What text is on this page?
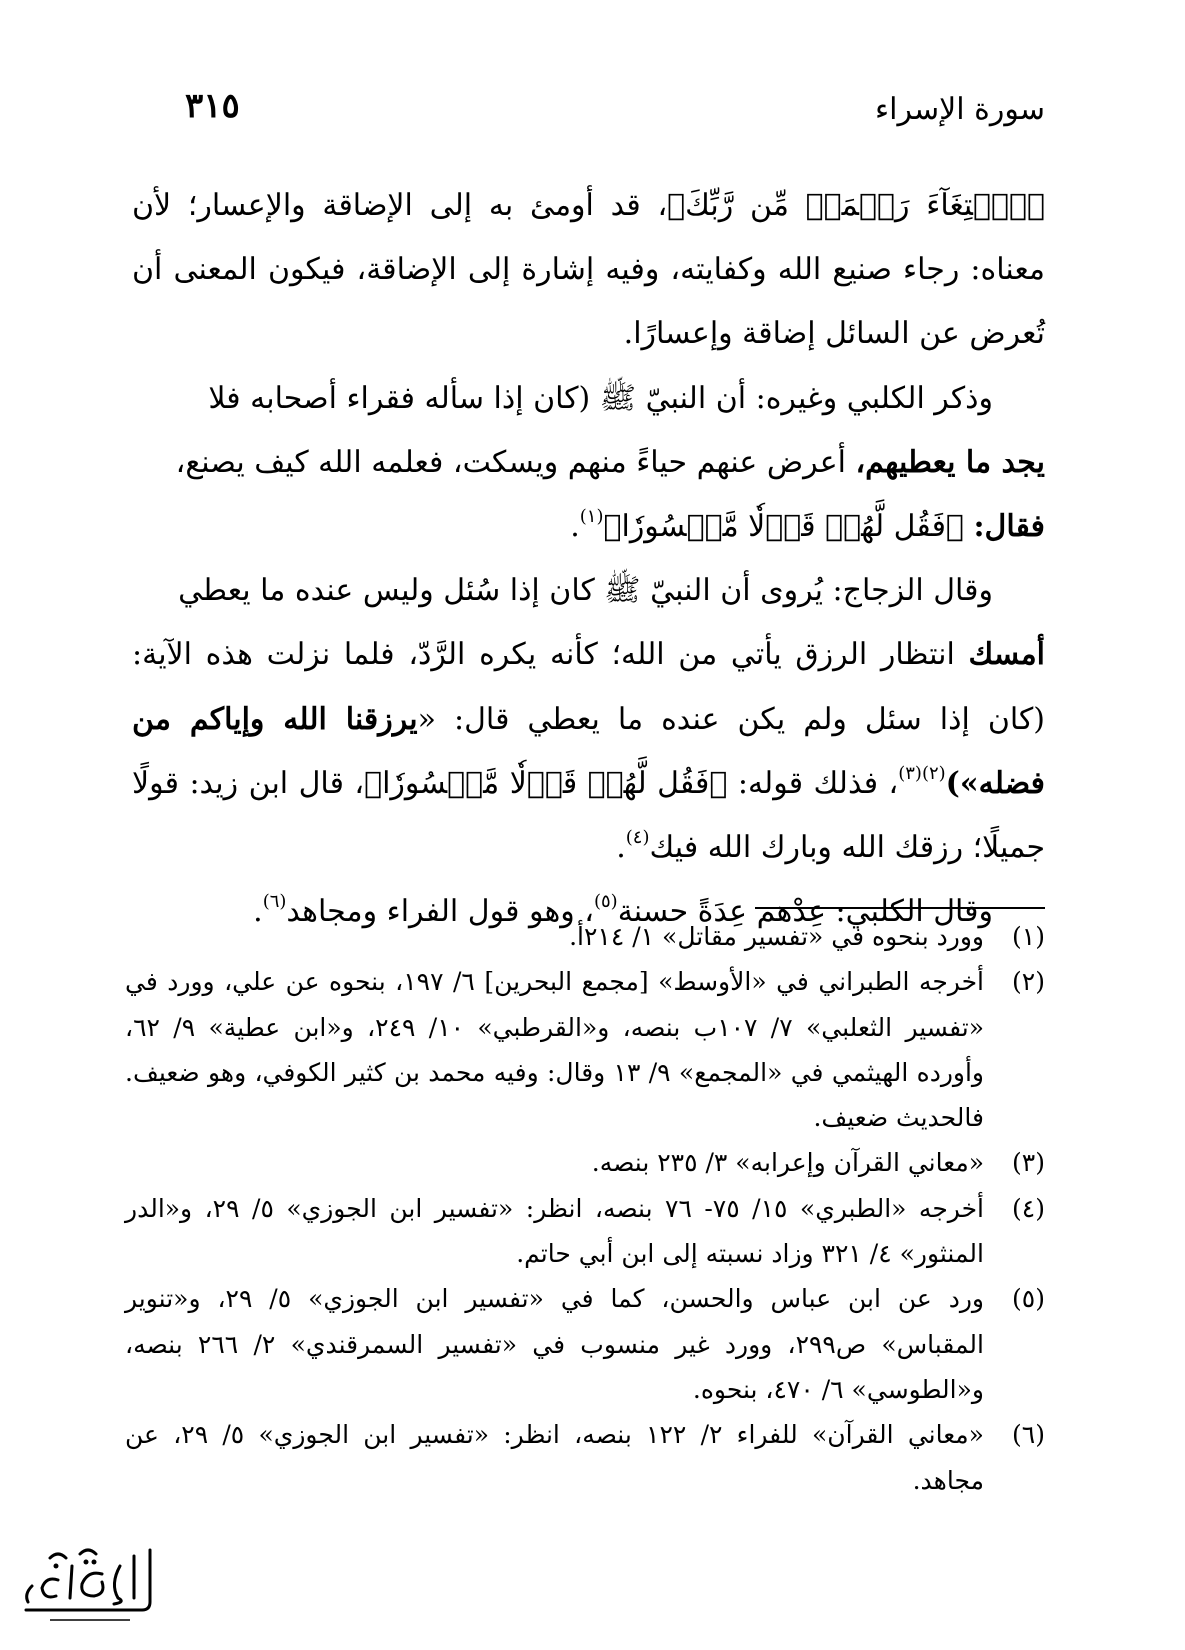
سورة الإسراء
٣١٥

﴿ٱبۡتِغَآءَ رَحۡمَةٖ مِّن رَّبِّكَ﴾، قد أومئ به إلى الإضاقة والإعسار؛ لأن معناه: رجاء صنيع الله وكفايته، وفيه إشارة إلى الإضاقة، فيكون المعنى أن تُعرض عن السائل إضاقة وإعسارًا.

وذكر الكلبي وغيره: أن النبيّ ﷺ (كان إذا سأله فقراء أصحابه فلا
يجد ما يعطيهم، أعرض عنهم حياءً منهم ويسكت، فعلمه الله كيف يصنع،
فقال: ﴿فَقُل لَّهُمۡ قَوۡلٗا مَّيۡسُورٗا﴾$^{(١)}$.

وقال الزجاج: يُروى أن النبيّ ﷺ كان إذا سُئل وليس عنده ما يعطي
أمسك انتظار الرزق يأتي من الله؛ كأنه يكره الرَّدّ، فلما نزلت هذه الآية: (كان إذا سئل ولم يكن عنده ما يعطي قال: «يرزقنا الله وإياكم من فضله»)$^{(٢)(٣)}$، فذلك قوله: ﴿فَقُل لَّهُمۡ قَوۡلٗا مَّيۡسُورٗا﴾، قال ابن زيد: قولًا جميلًا؛ رزقك الله وبارك الله فيك$^{(٤)}$.

وقال الكلبي: عِدْهم عِدَةً حسنة$^{(٥)}$، وهو قول الفراء ومجاهد$^{(٦)}$.

(١)
وورد بنحوه في «تفسير مقاتل» ١/ ٢١٤أ.

(٢)
أخرجه الطبراني في «الأوسط» [مجمع البحرين] ٦/ ١٩٧، بنحوه عن علي، وورد في «تفسير الثعلبي» ٧/ ١٠٧ب بنصه، و«القرطبي» ١٠/ ٢٤٩، و«ابن عطية» ٩/ ٦٢، وأورده الهيثمي في «المجمع» ٩/ ١٣ وقال: وفيه محمد بن كثير الكوفي، وهو ضعيف. فالحديث ضعيف.

(٣)
«معاني القرآن وإعرابه» ٣/ ٢٣٥ بنصه.

(٤)
أخرجه «الطبري» ١٥/ ٧٥- ٧٦ بنصه، انظر: «تفسير ابن الجوزي» ٥/ ٢٩، و«الدر المنثور» ٤/ ٣٢١ وزاد نسبته إلى ابن أبي حاتم.

(٥)
ورد عن ابن عباس والحسن، كما في «تفسير ابن الجوزي» ٥/ ٢٩، و«تنوير المقباس» ص٢٩٩، وورد غير منسوب في «تفسير السمرقندي» ٢/ ٢٦٦ بنصه، و«الطوسي» ٦/ ٤٧٠، بنحوه.

(٦)
«معاني القرآن» للفراء ٢/ ١٢٢ بنصه، انظر: «تفسير ابن الجوزي» ٥/ ٢٩، عن مجاهد.
